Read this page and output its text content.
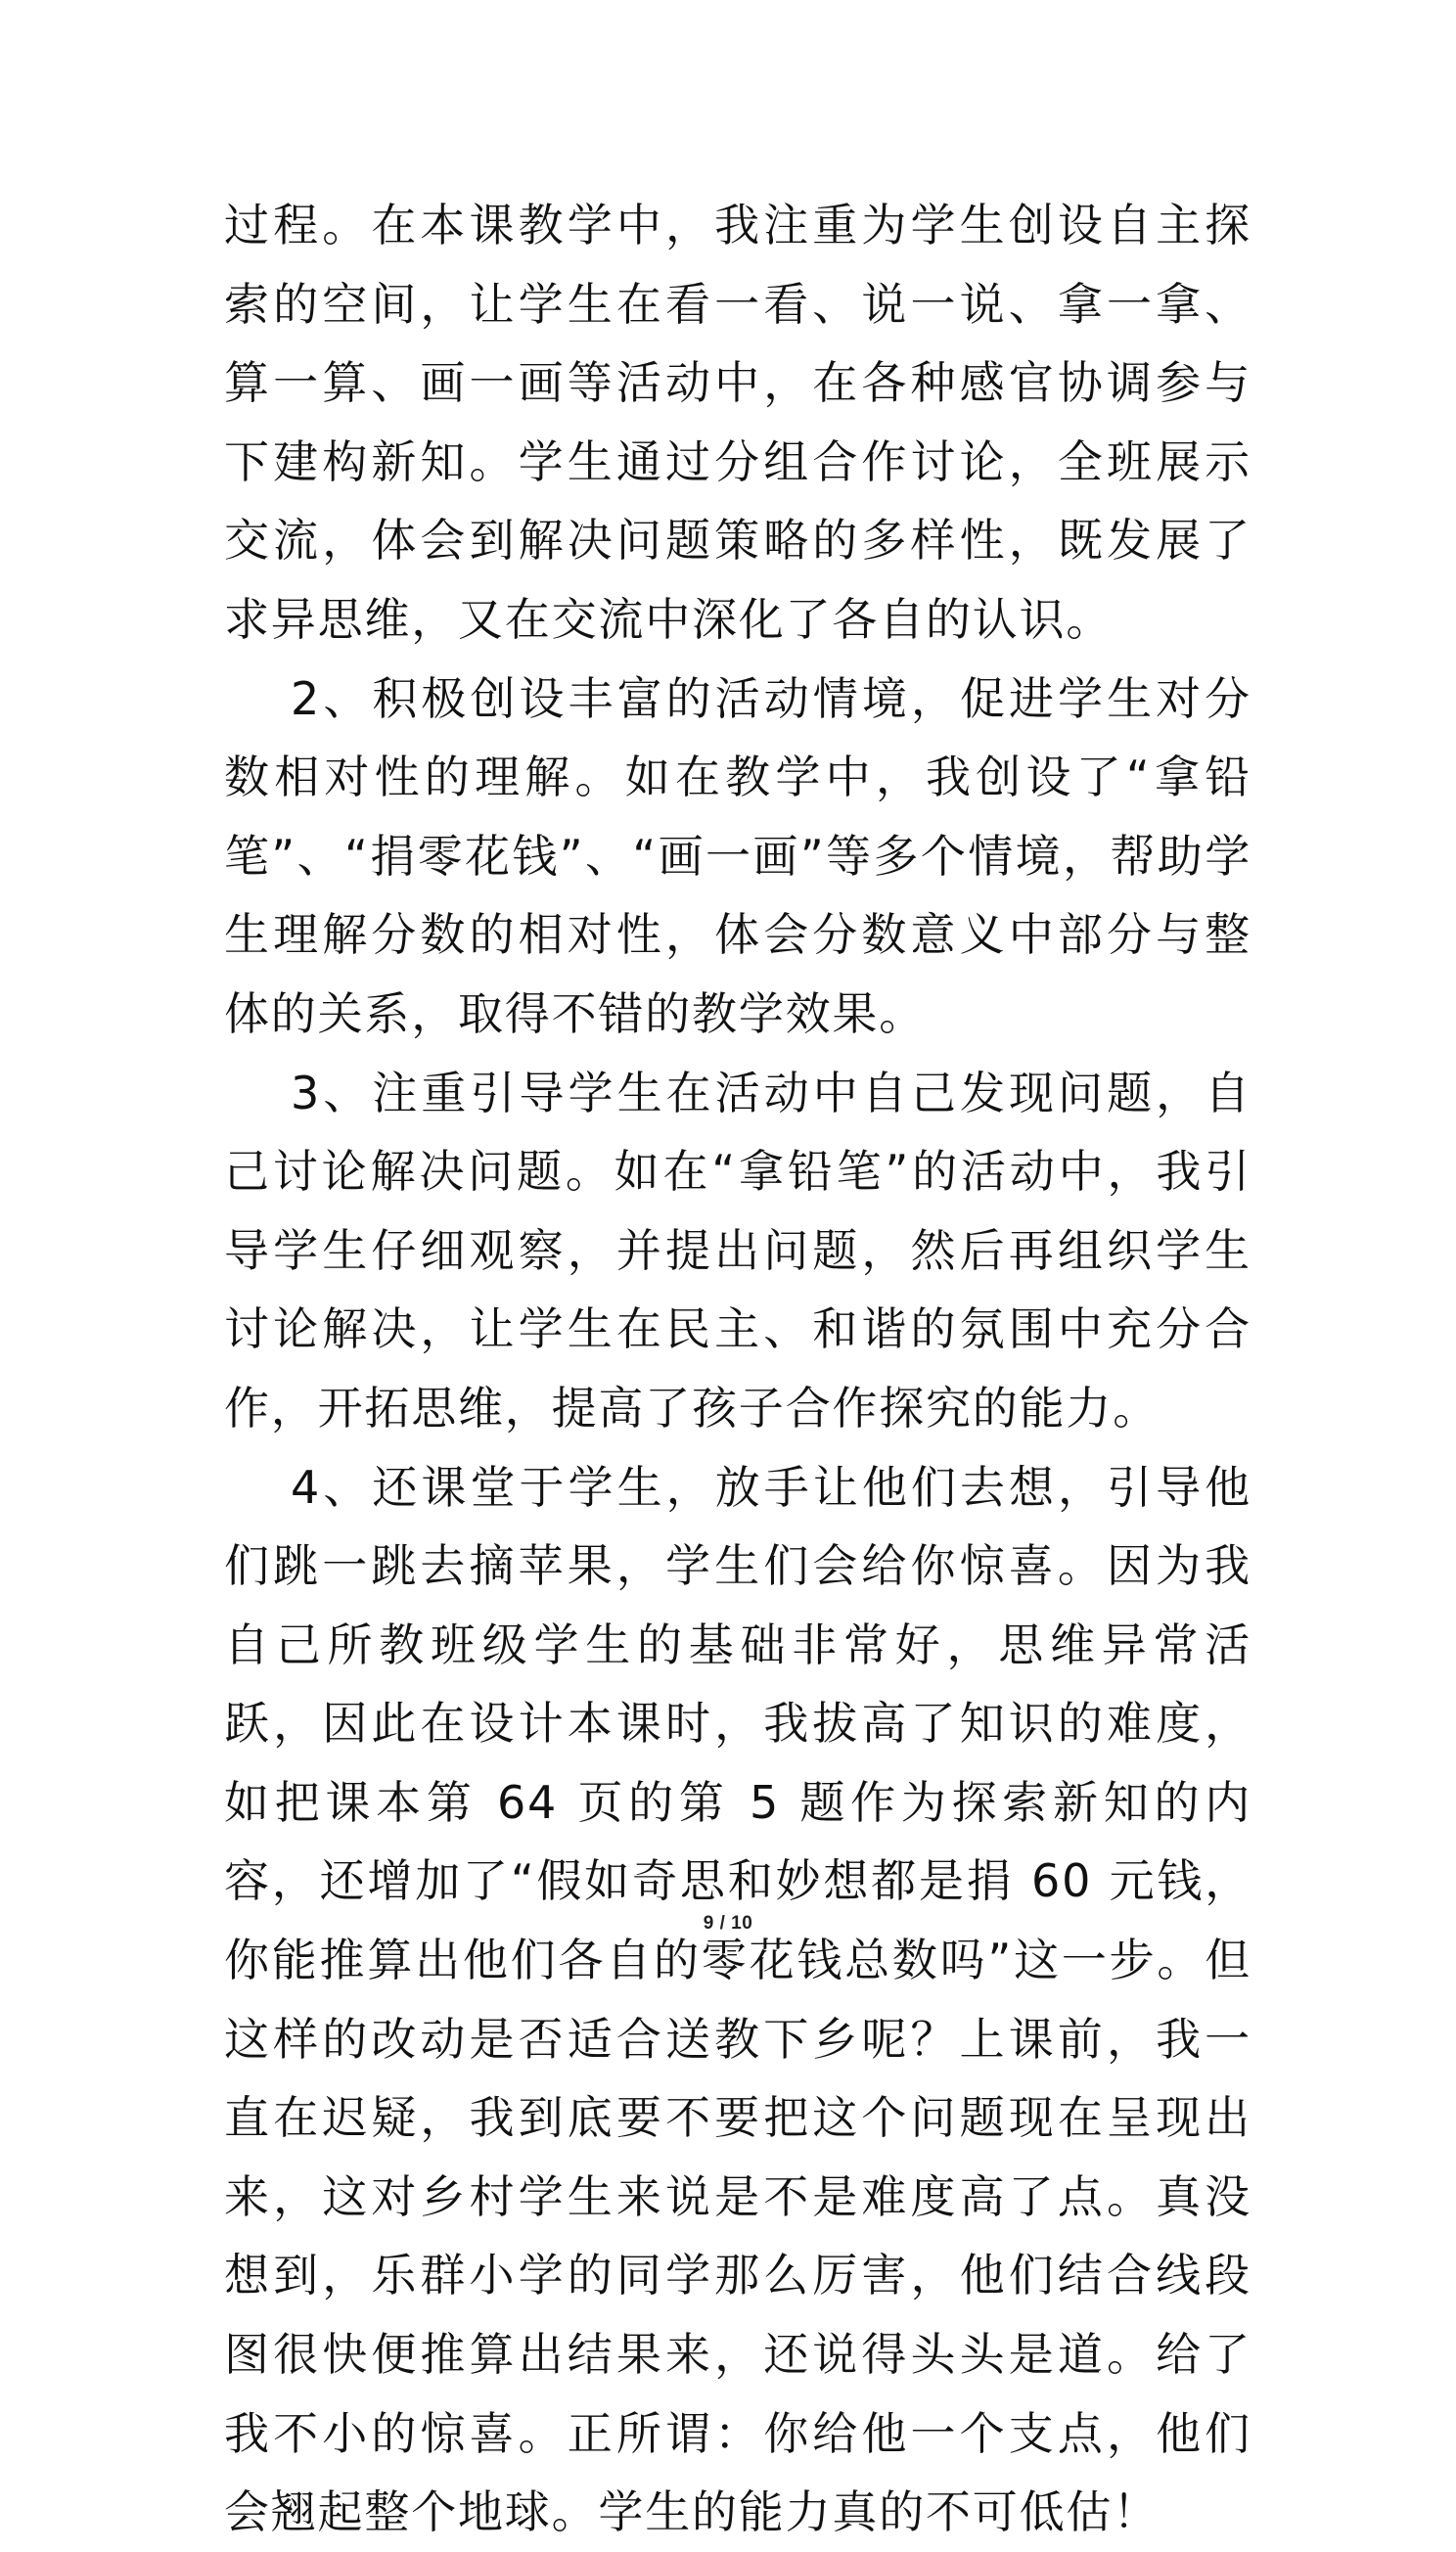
过程。在本课教学中，我注重为学生创设自主探索的空间，让学生在看一看、说一说、拿一拿、算一算、画一画等活动中，在各种感官协调参与下建构新知。学生通过分组合作讨论，全班展示交流，体会到解决问题策略的多样性，既发展了求异思维，又在交流中深化了各自的认识。

2、积极创设丰富的活动情境，促进学生对分数相对性的理解。如在教学中，我创设了“拿铅笔”、“捐零花钱”、“画一画”等多个情境，帮助学生理解分数的相对性，体会分数意义中部分与整体的关系，取得不错的教学效果。

3、注重引导学生在活动中自己发现问题，自己讨论解决问题。如在“拿铅笔”的活动中，我引导学生仔细观察，并提出问题，然后再组织学生讨论解决，让学生在民主、和谐的氛围中充分合作，开拓思维，提高了孩子合作探究的能力。

4、还课堂于学生，放手让他们去想，引导他们跳一跳去摘苹果，学生们会给你惊喜。因为我自己所教班级学生的基础非常好，思维异常活跃，因此在设计本课时，我拔高了知识的难度，如把课本第 64 页的第 5 题作为探索新知的内容，还增加了“假如奇思和妙想都是捐 60 元钱，你能推算出他们各自的零花钱总数吗”这一步。但这样的改动是否适合送教下乡呢？上课前，我一直在迟疑，我到底要不要把这个问题现在呈现出来，这对乡村学生来说是不是难度高了点。真没想到，乐群小学的同学那么厉害，他们结合线段图很快便推算出结果来，还说得头头是道。给了我不小的惊喜。正所谓：你给他一个支点，他们会翘起整个地球。学生的能力真的不可低估！

9 / 10
